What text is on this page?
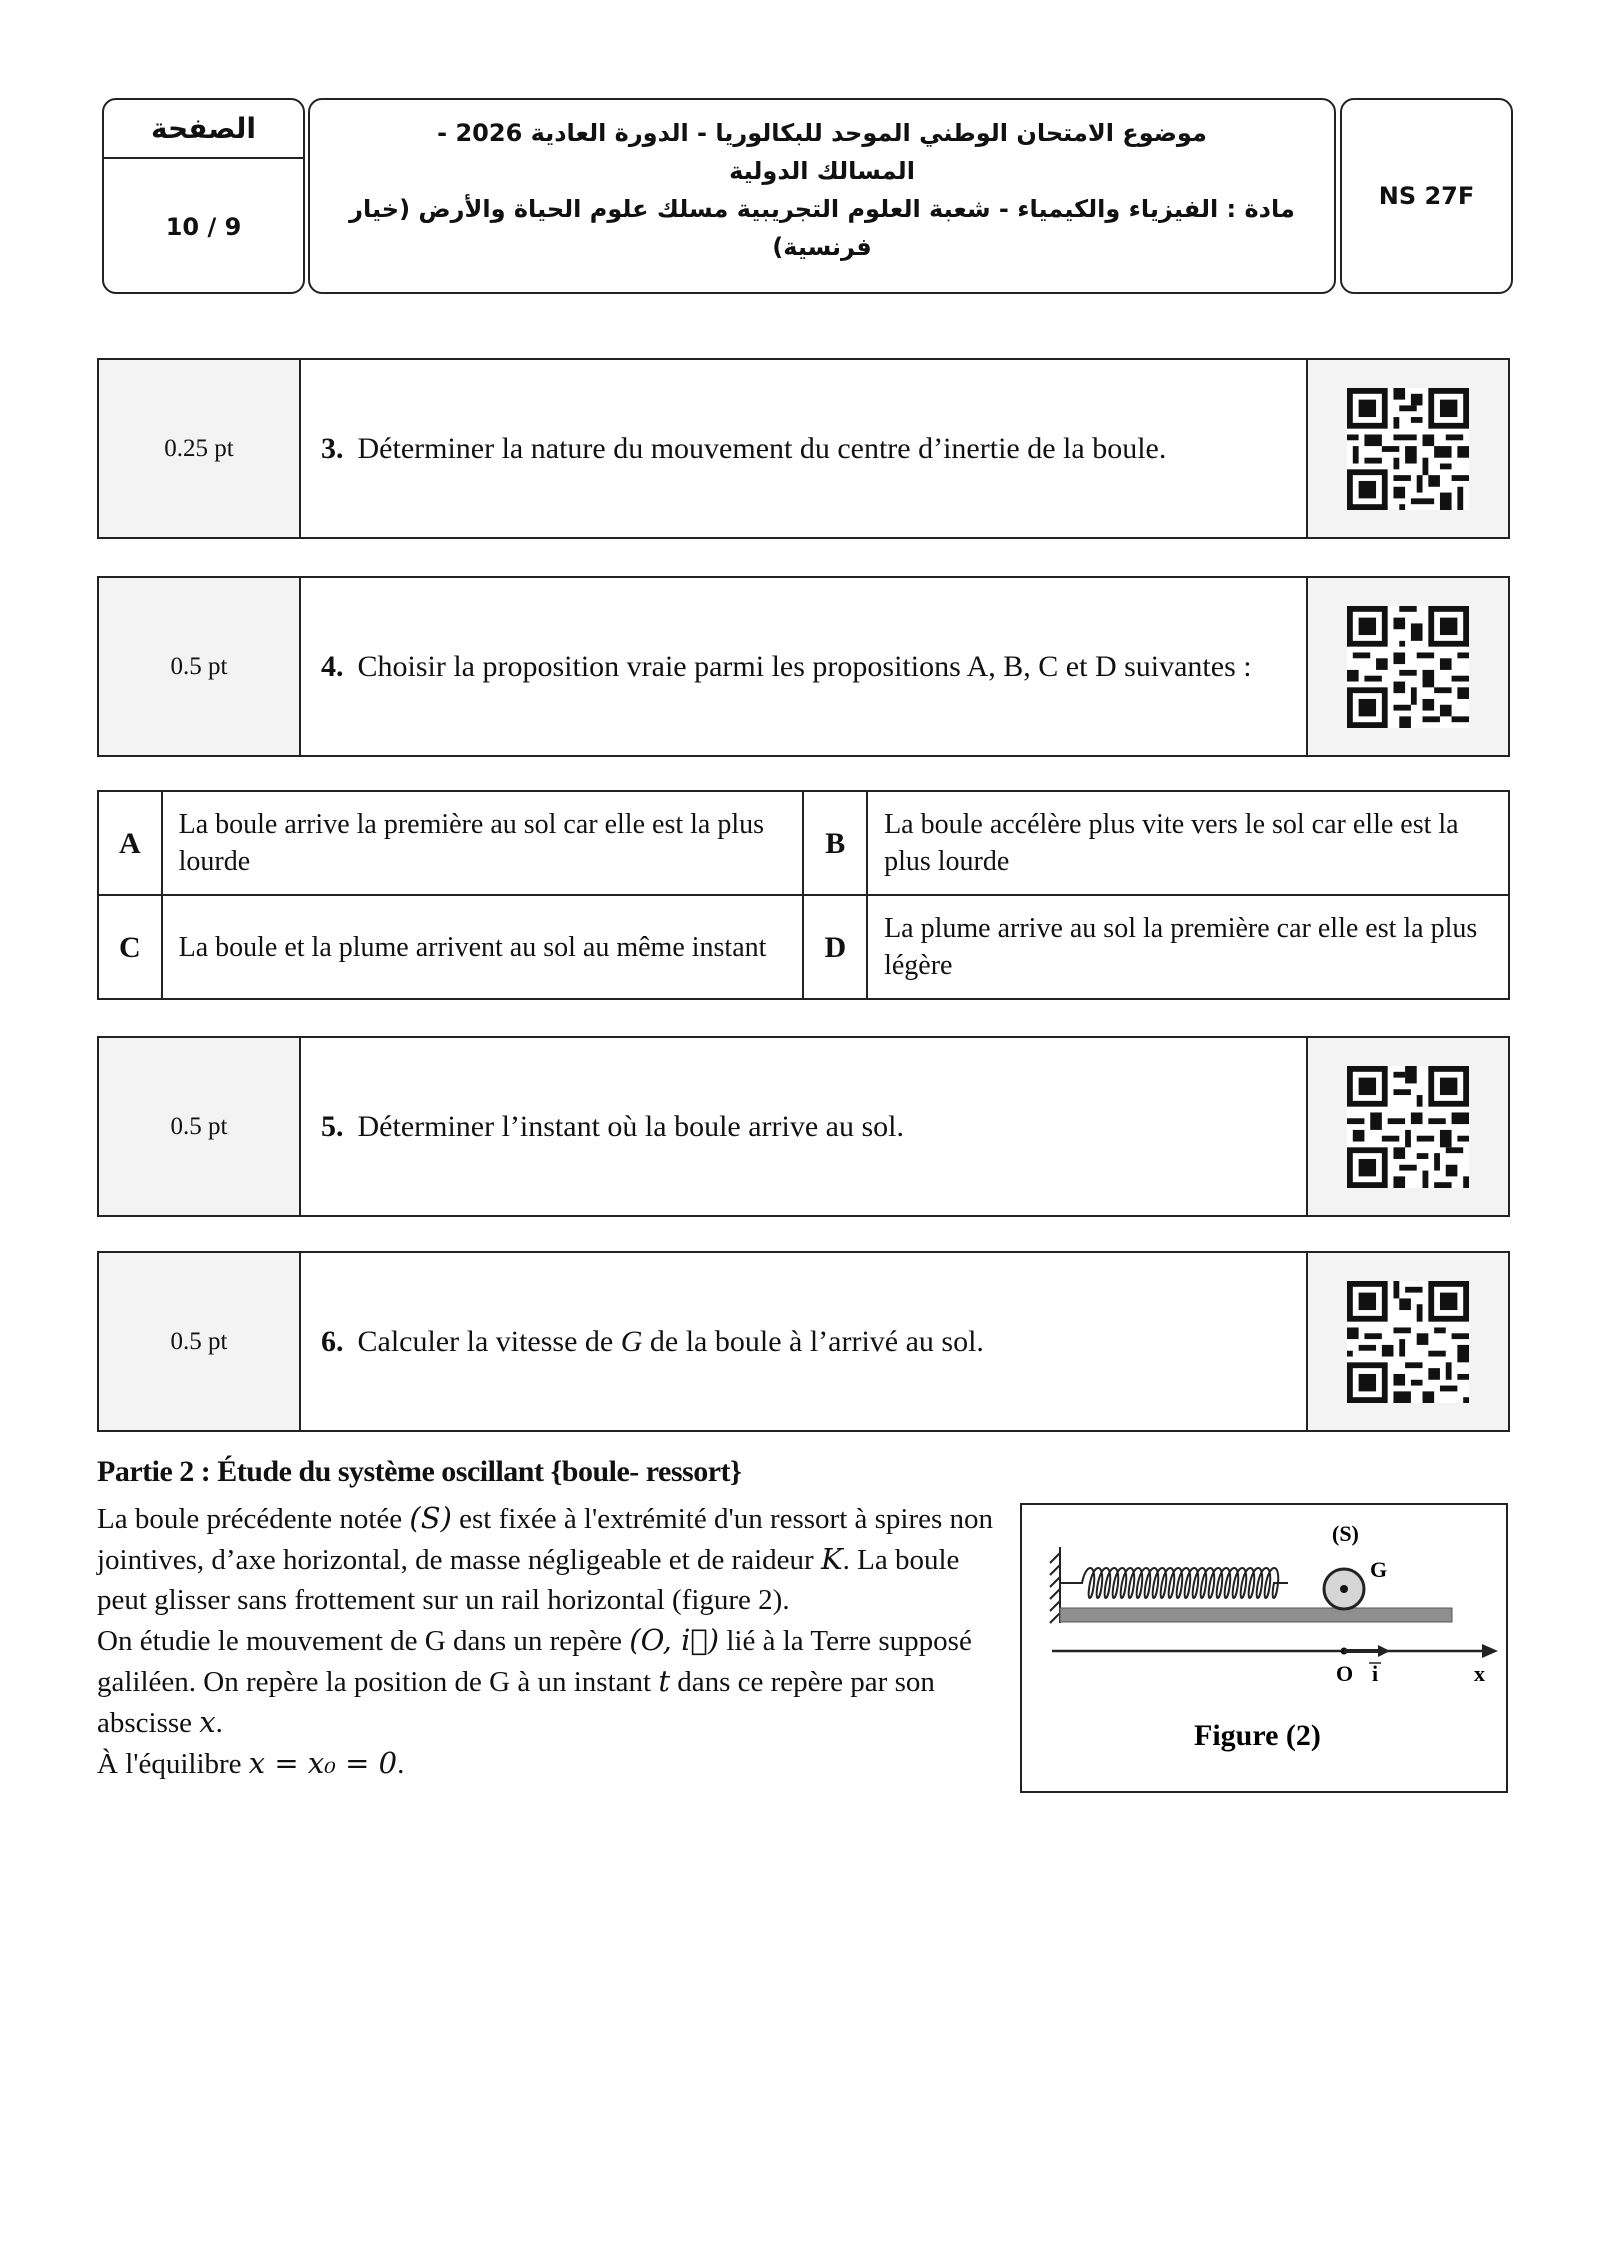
الصفحة
10 / 9
موضوع الامتحان الوطني الموحد للبكالوريا - الدورة العادية 2026 -
المسالك الدولية
مادة : الفيزياء والكيمياء - شعبة العلوم التجريبية مسلك علوم الحياة والأرض (خيار
فرنسية)
NS 27F
0.25 pt	3. Déterminer la nature du mouvement du centre d’inertie de la boule.
0.5 pt	4. Choisir la proposition vraie parmi les propositions A, B, C et D suivantes :
A	La boule arrive la première au sol car elle est la plus lourde	B	La boule accélère plus vite vers le sol car elle est la plus lourde
C	La boule et la plume arrivent au sol au même instant	D	La plume arrive au sol la première car elle est la plus légère
0.5 pt	5. Déterminer l’instant où la boule arrive au sol.
0.5 pt	6. Calculer la vitesse de G de la boule à l’arrivé au sol.
Partie 2 : Étude du système oscillant {boule- ressort}

La boule précédente notée (S) est fixée à l'extrémité d'un ressort à spires non jointives, d’axe horizontal, de masse négligeable et de raideur K. La boule peut glisser sans frottement sur un rail horizontal (figure 2).

On étudie le mouvement de G dans un repère (O, i⃗) lié à la Terre supposé galiléen. On repère la position de G à un instant t dans ce repère par son abscisse x.

À l'équilibre x = x₀ = 0.

(S)
G
O i	x
Figure (2)
